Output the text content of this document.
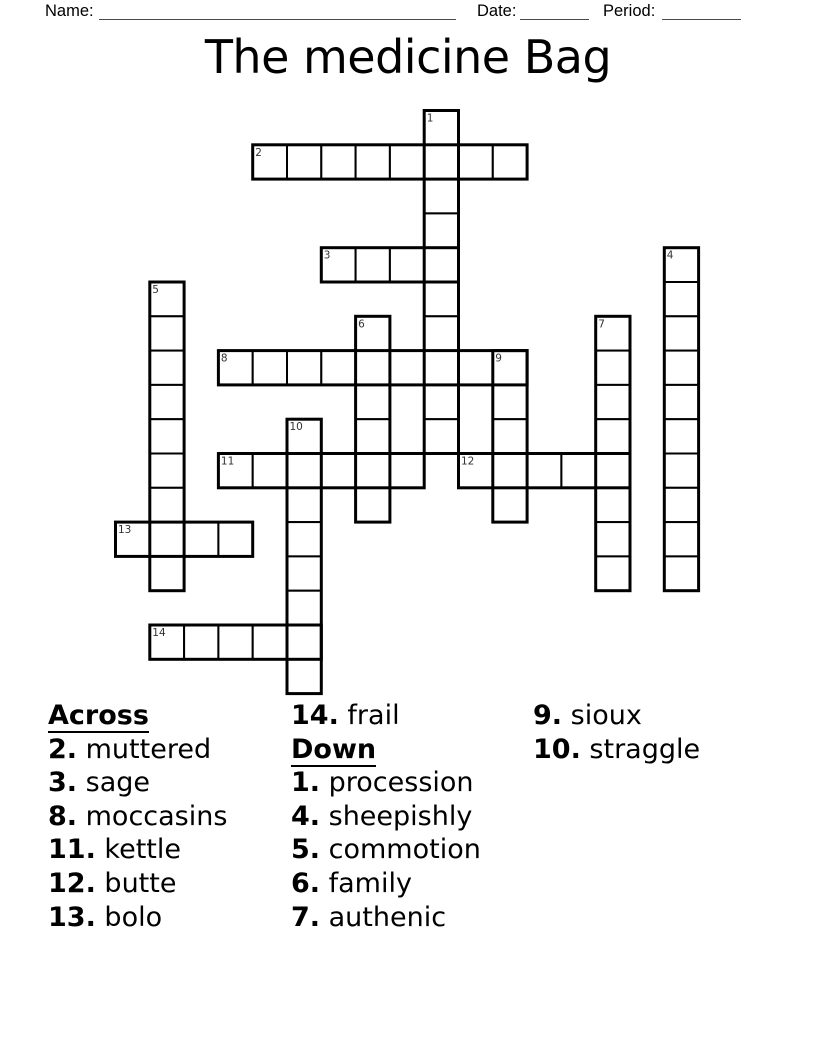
Name:	Date:	Period:
The medicine Bag
1
2
3	4
5
6	7
8	9
10
11	12
13
14
Across
2. muttered
3. sage
8. moccasins
11. kettle
12. butte
13. bolo
14. frail
Down
1. procession
4. sheepishly
5. commotion
6. family
7. authenic
9. sioux
10. straggle
